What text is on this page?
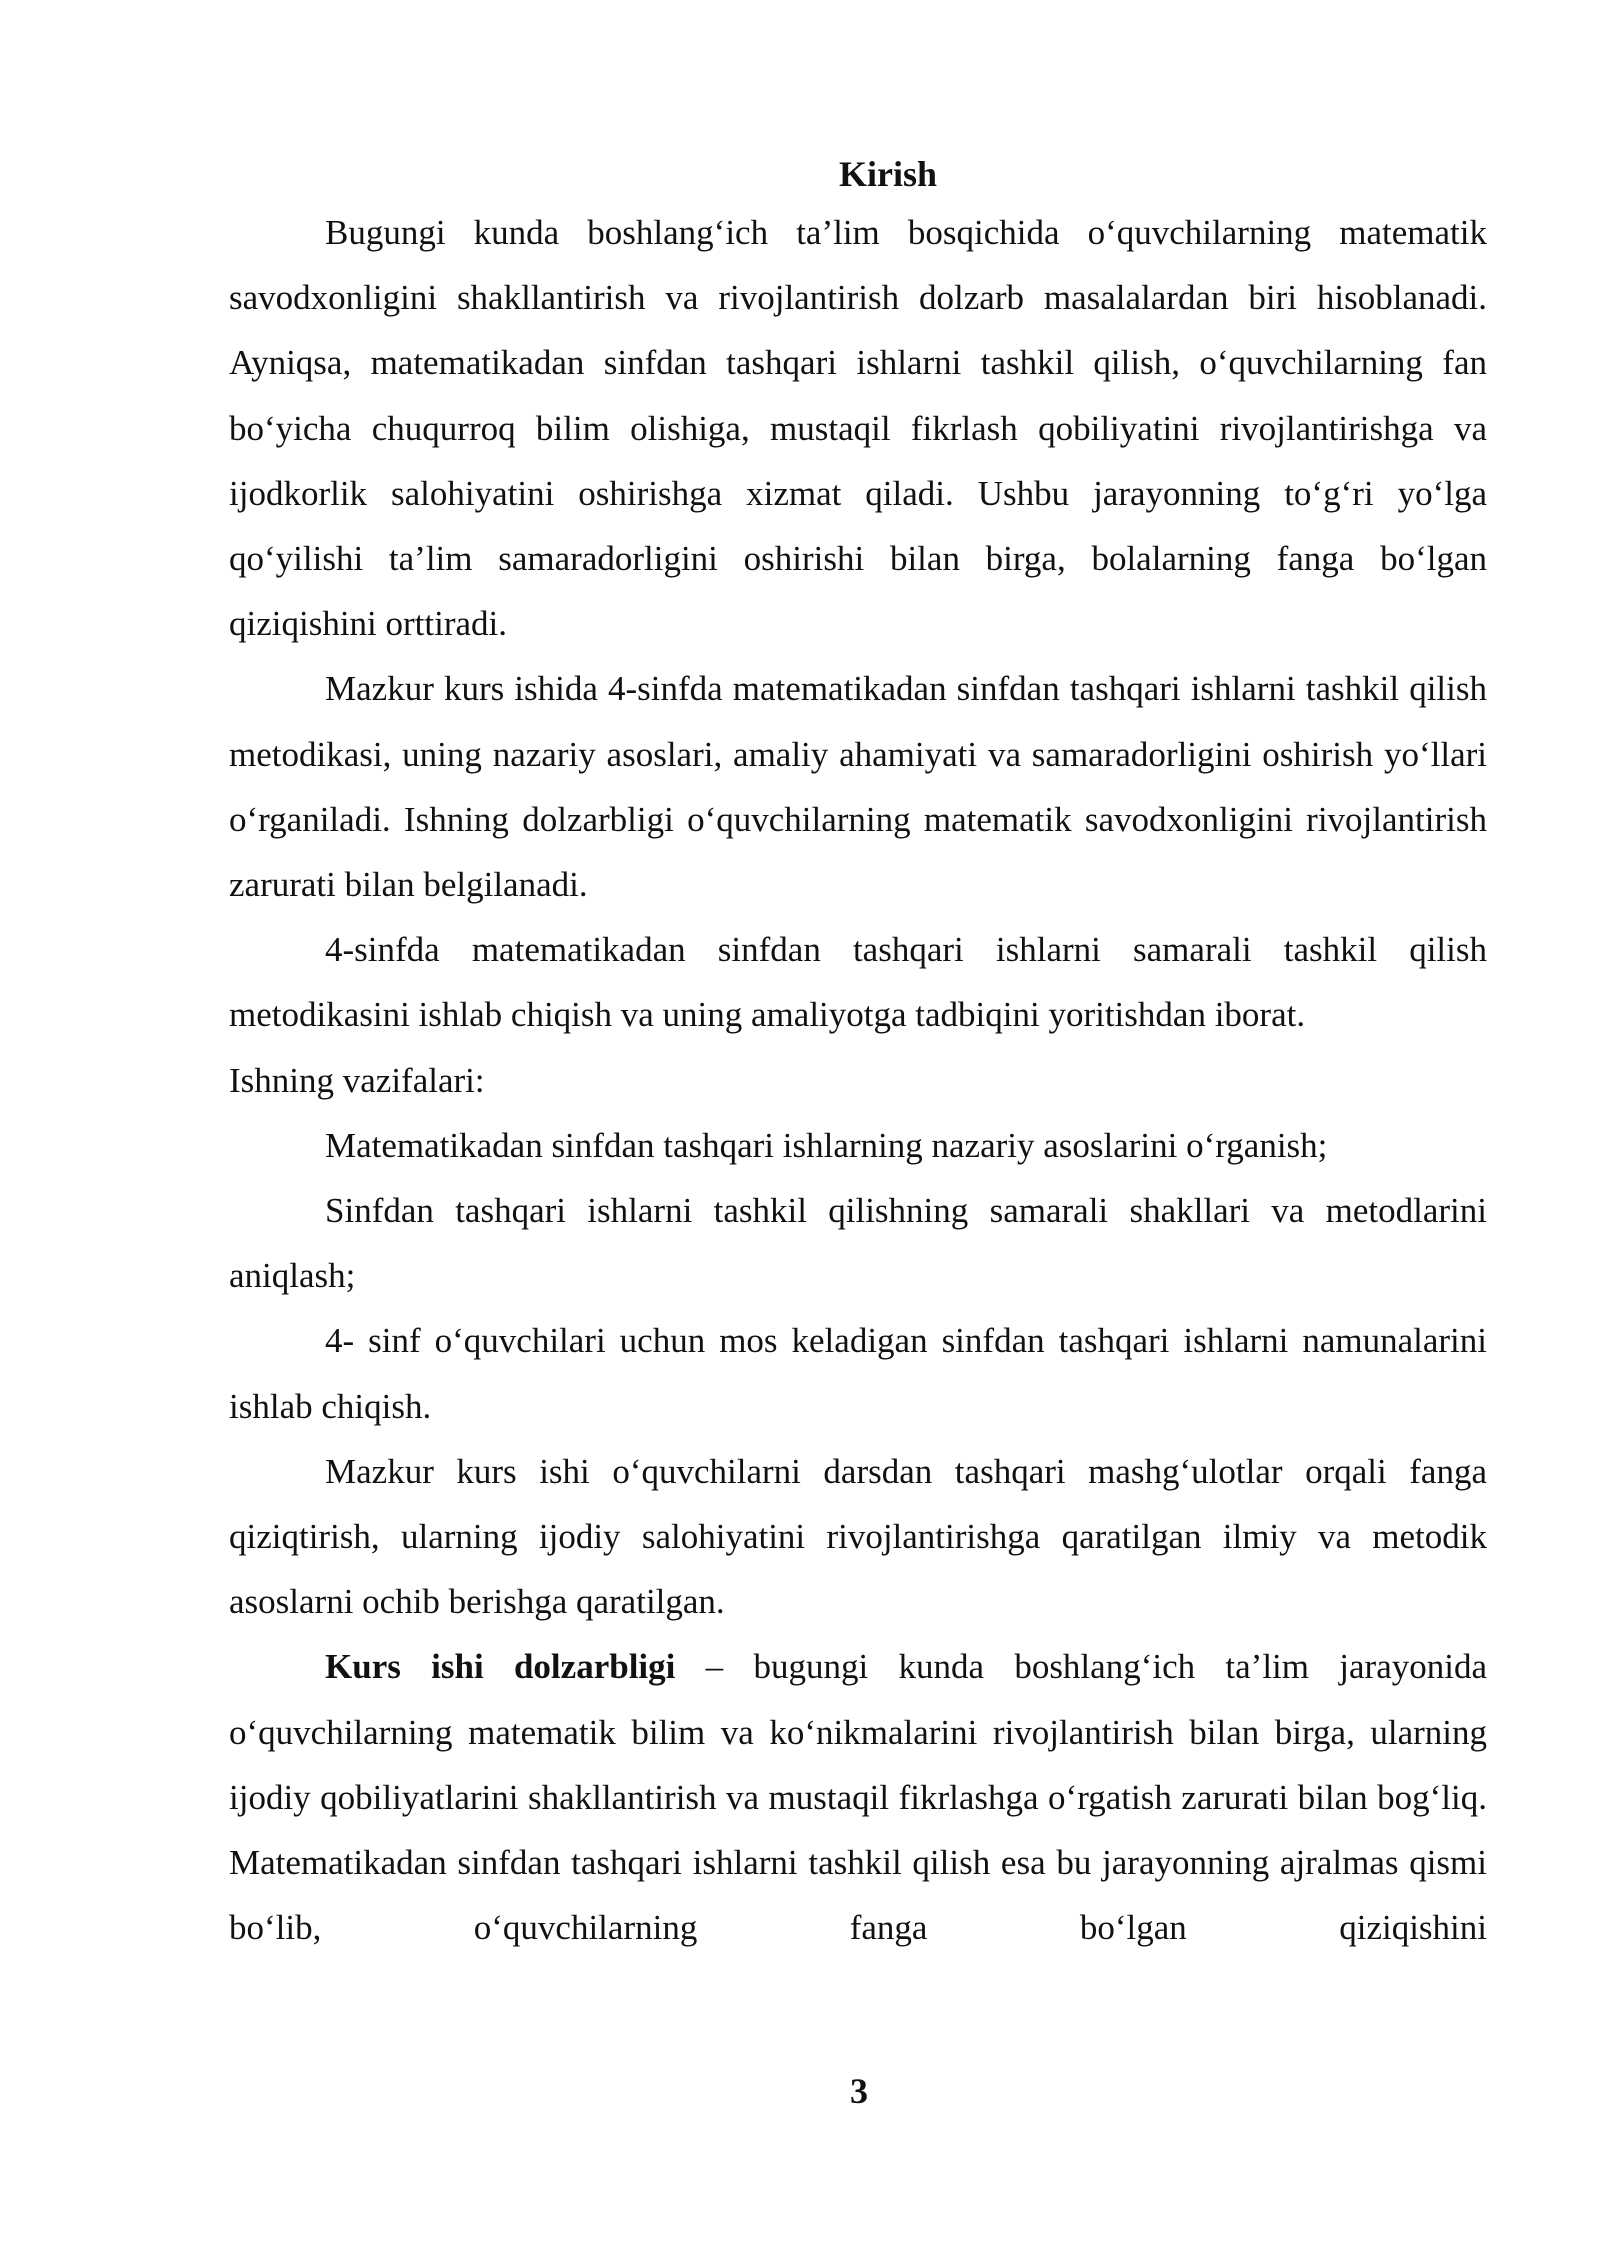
Kirish

Bugungi kunda boshlang‘ich ta’lim bosqichida o‘quvchilarning matematik savodxonligini shakllantirish va rivojlantirish dolzarb masalalardan biri hisoblanadi. Ayniqsa, matematikadan sinfdan tashqari ishlarni tashkil qilish, o‘quvchilarning fan bo‘yicha chuqurroq bilim olishiga, mustaqil fikrlash qobiliyatini rivojlantirishga va ijodkorlik salohiyatini oshirishga xizmat qiladi. Ushbu jarayonning to‘g‘ri yo‘lga qo‘yilishi ta’lim samaradorligini oshirishi bilan birga, bolalarning fanga bo‘lgan qiziqishini orttiradi.

Mazkur kurs ishida 4-sinfda matematikadan sinfdan tashqari ishlarni tashkil qilish metodikasi, uning nazariy asoslari, amaliy ahamiyati va samaradorligini oshirish yo‘llari o‘rganiladi. Ishning dolzarbligi o‘quvchilarning matematik savodxonligini rivojlantirish zarurati bilan belgilanadi.

4-sinfda matematikadan sinfdan tashqari ishlarni samarali tashkil qilish metodikasini ishlab chiqish va uning amaliyotga tadbiqini yoritishdan iborat.

Ishning vazifalari:

Matematikadan sinfdan tashqari ishlarning nazariy asoslarini o‘rganish;

Sinfdan tashqari ishlarni tashkil qilishning samarali shakllari va metodlarini aniqlash;

4- sinf o‘quvchilari uchun mos keladigan sinfdan tashqari ishlarni namunalarini ishlab chiqish.

Mazkur kurs ishi o‘quvchilarni darsdan tashqari mashg‘ulotlar orqali fanga qiziqtirish, ularning ijodiy salohiyatini rivojlantirishga qaratilgan ilmiy va metodik asoslarni ochib berishga qaratilgan.

Kurs ishi dolzarbligi – bugungi kunda boshlang‘ich ta’lim jarayonida o‘quvchilarning matematik bilim va ko‘nikmalarini rivojlantirish bilan birga, ularning ijodiy qobiliyatlarini shakllantirish va mustaqil fikrlashga o‘rgatish zarurati bilan bog‘liq. Matematikadan sinfdan tashqari ishlarni tashkil qilish esa bu jarayonning ajralmas qismi bo‘lib, o‘quvchilarning fanga bo‘lgan qiziqishini

3
